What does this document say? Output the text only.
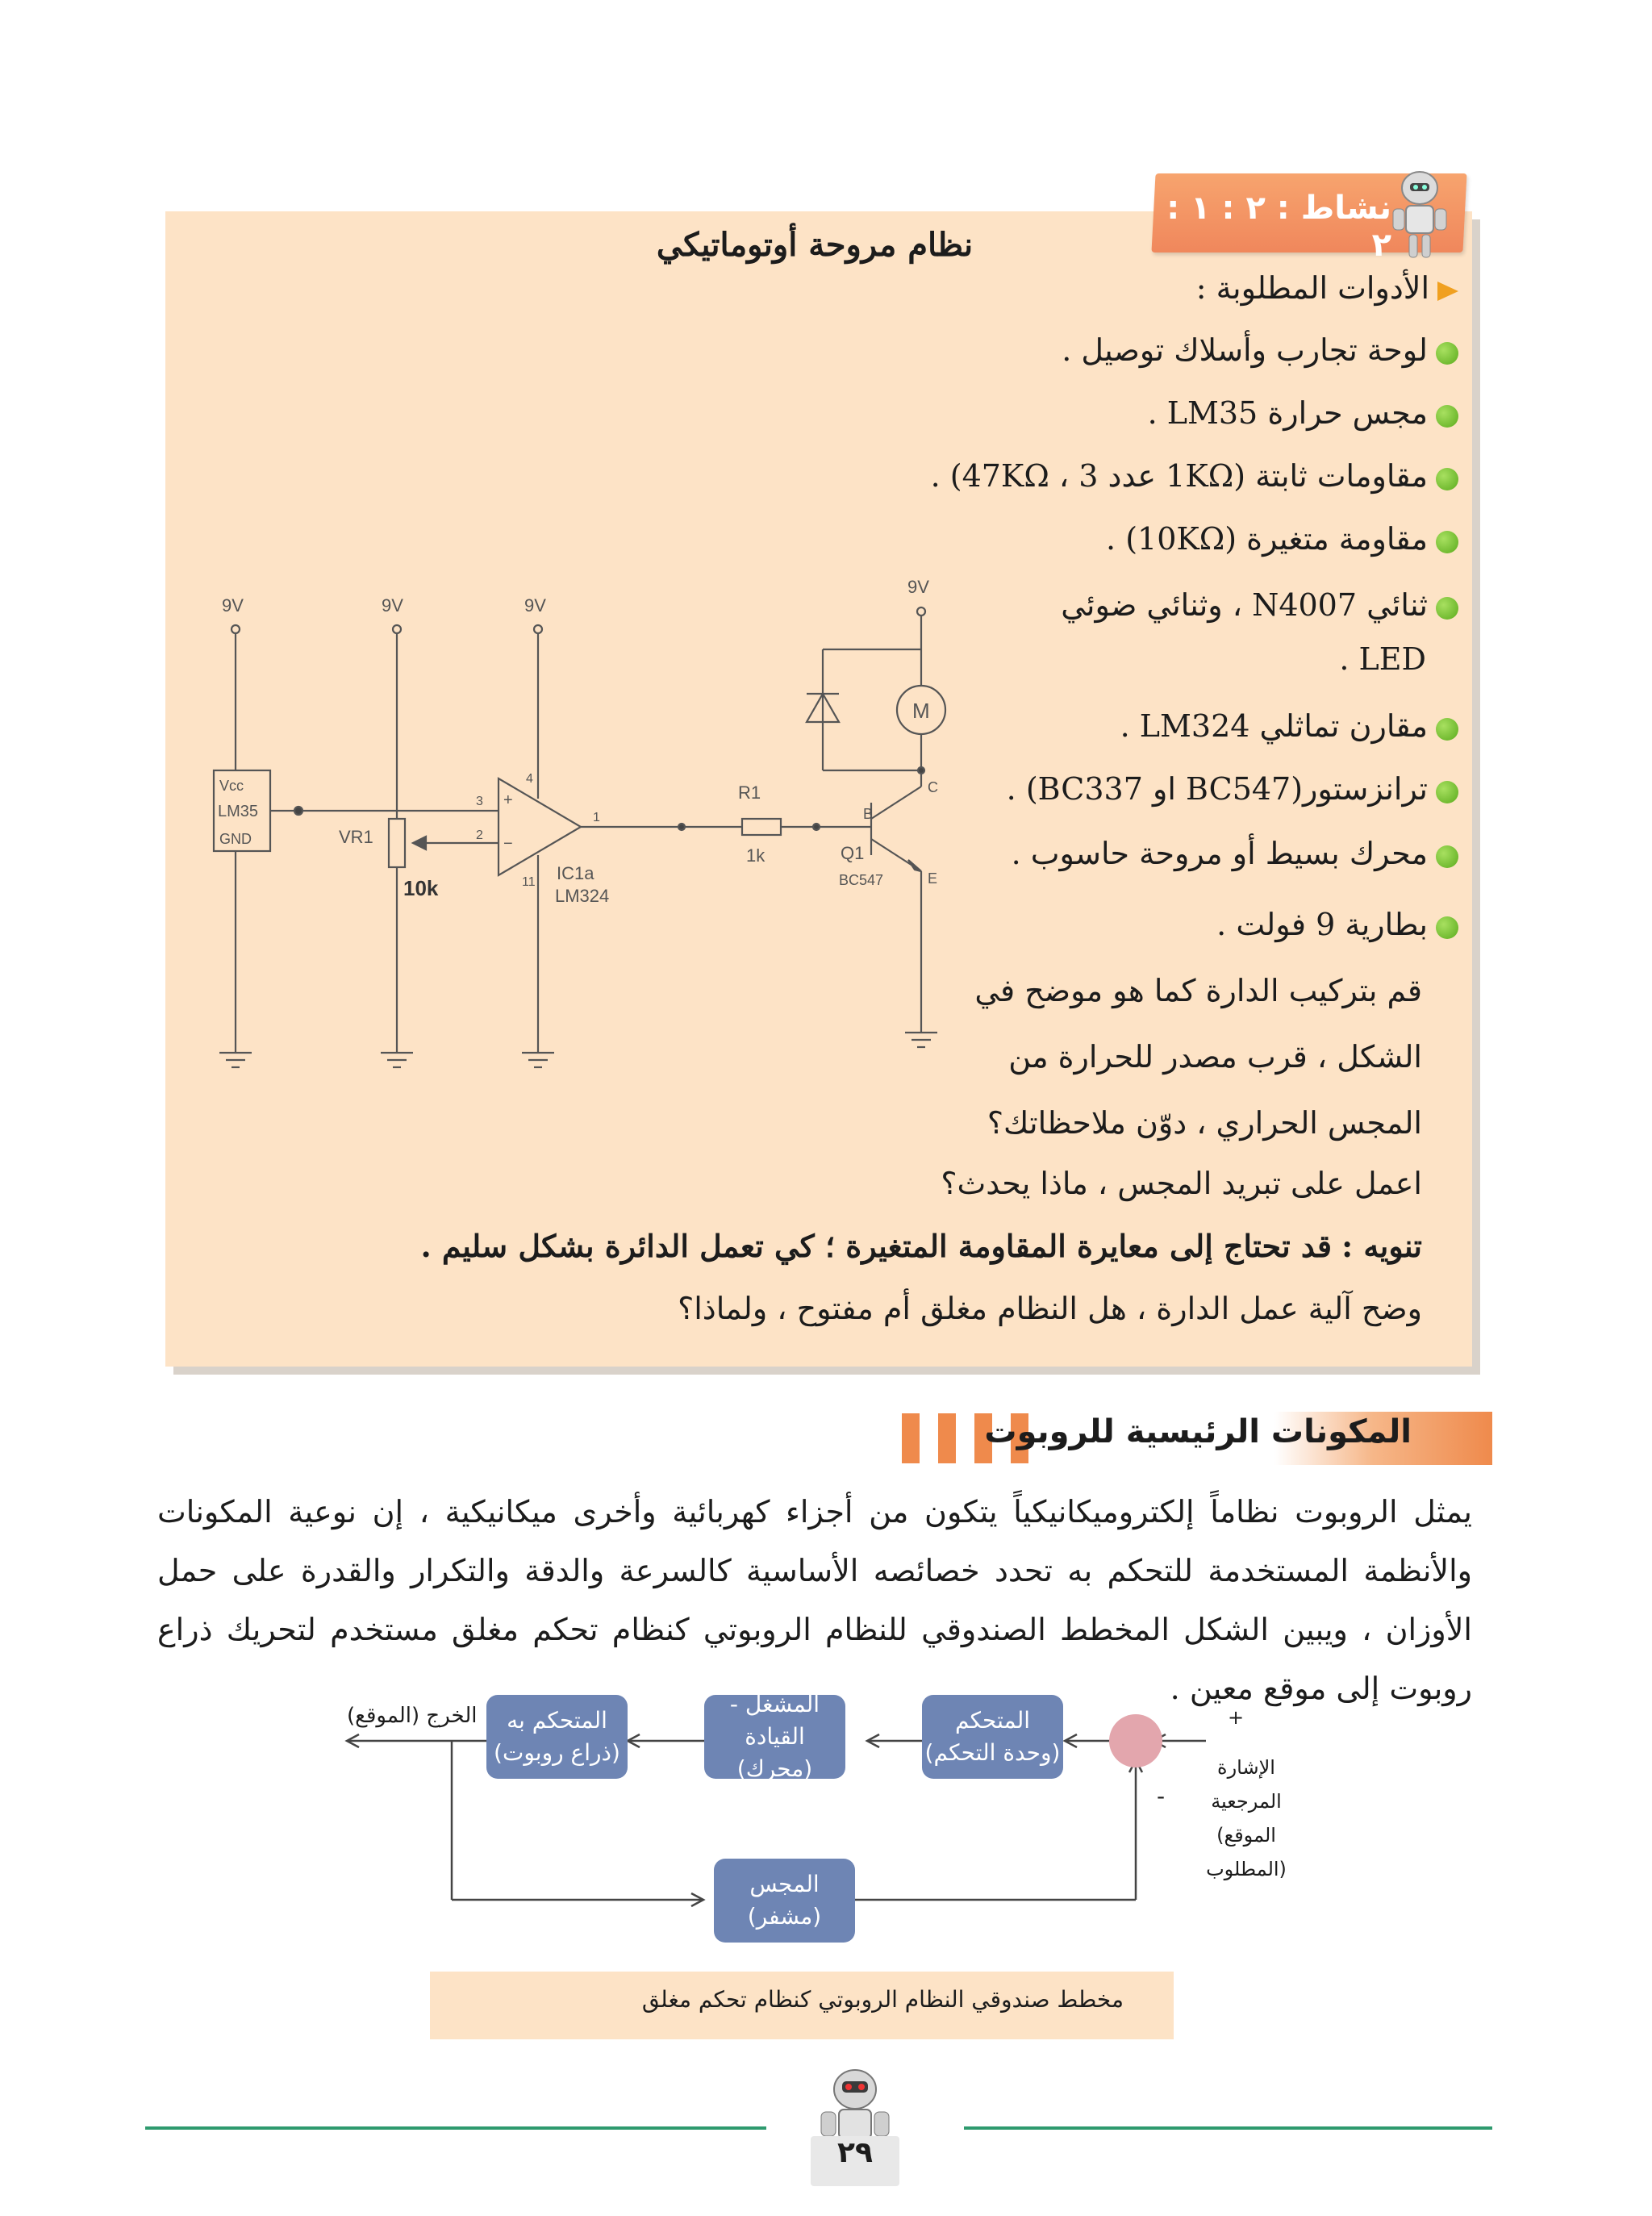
نشاط : ٢ : ١ : ٢
نظام مروحة أوتوماتيكي
الأدوات المطلوبة :
لوحة تجارب وأسلاك توصيل .
مجس حرارة LM35 .
مقاومات ثابتة (1KΩ عدد 3 ، 47KΩ) .
مقاومة متغيرة (10KΩ) .
ثنائي N4007 ، وثنائي ضوئي
LED .
مقارن تماثلي LM324 .
ترانزستور(BC547 او BC337) .
محرك بسيط أو مروحة حاسوب .
بطارية 9 فولت .
قم بتركيب الدارة كما هو موضح في
الشكل ، قرب مصدر للحرارة من
المجس الحراري ، دوّن ملاحظاتك؟
اعمل على تبريد المجس ، ماذا يحدث؟
تنويه : قد تحتاج إلى معايرة المقاومة المتغيرة ؛ كي تعمل الدائرة بشكل سليم .
وضح آلية عمل الدارة ، هل النظام مغلق أم مفتوح ، ولماذا؟
9V	9V	9V
9V
Vcc
LM35
GND	VR1
10k
3
2
4
11
+
−
IC1a
LM324
1
R1
1k
B
C
E
Q1
BC547
M
المكونات الرئيسية للروبوت
يمثل الروبوت نظاماً إلكتروميكانيكياً يتكون من أجزاء كهربائية وأخرى ميكانيكية ، إن نوعية المكونات والأنظمة المستخدمة للتحكم به تحدد خصائصه الأساسية كالسرعة والدقة والتكرار والقدرة على حمل الأوزان ، ويبين الشكل المخطط الصندوقي للنظام الروبوتي كنظام تحكم مغلق مستخدم لتحريك ذراع روبوت إلى موقع معين .
المتحكم
(وحدة التحكم)
المشغل - القيادة
(محرك)
المتحكم به
(ذراع روبوت)
المجس
(مشفر)
الخرج (الموقع)	+
-
الإشارة
المرجعية
(الموقع
المطلوب)
مخطط صندوقي النظام الروبوتي كنظام تحكم مغلق
٢٩
